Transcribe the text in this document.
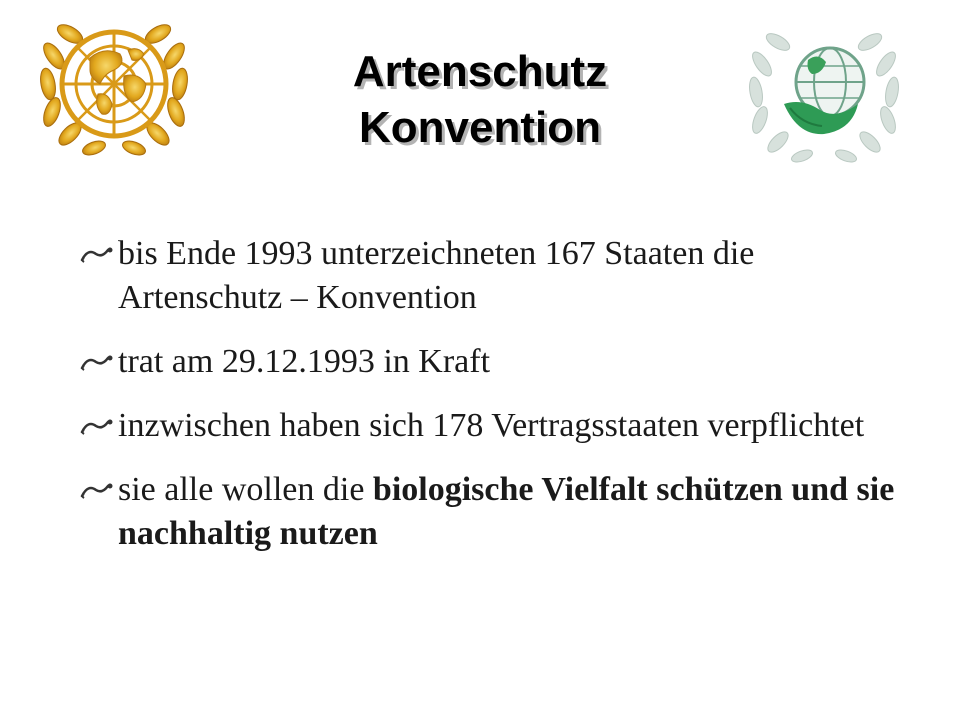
Artenschutz
Konvention
bis Ende 1993 unterzeichneten 167 Staaten die Artenschutz – Konvention
trat am 29.12.1993 in Kraft
inzwischen haben sich 178 Vertragsstaaten verpflichtet
sie alle wollen die biologische Vielfalt schützen und sie nachhaltig nutzen
